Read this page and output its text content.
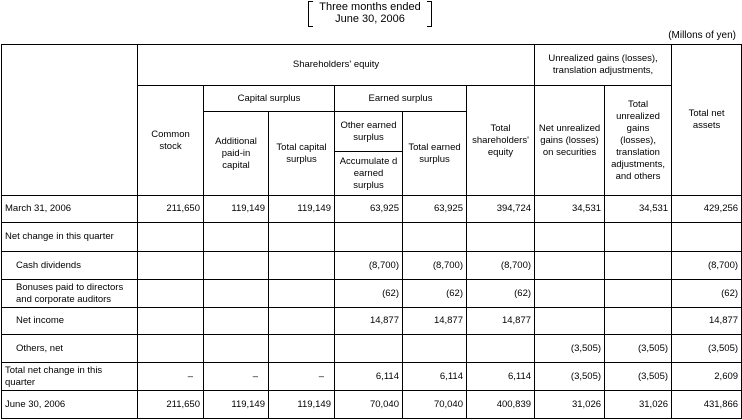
Three months ended
June 30, 2006
(Millons of yen)
	Shareholders' equity						Unrealized gains (losses), translation adjustments,		Total net assets
	Common stock	Capital surplus		Earned surplus		Total shareholders' equity	Net unrealized gains (losses) on securities	Total unrealized gains (losses), translation adjustments, and others	
		Additional paid-in capital	Total capital surplus	Other earned surplus	Total earned surplus				
				Accumulate d earned surplus					

March 31, 2006	211,650	119,149	119,149	63,925	63,925	394,724	34,531	34,531	429,256
Net change in this quarter									
Cash dividends				(8,700)	(8,700)	(8,700)			(8,700)
Bonuses paid to directors and corporate auditors				(62)	(62)	(62)			(62)
Net income				14,877	14,877	14,877			14,877
Others, net							(3,505)	(3,505)	(3,505)
Total net change in this quarter	–	–	–	6,114	6,114	6,114	(3,505)	(3,505)	2,609
June 30, 2006	211,650	119,149	119,149	70,040	70,040	400,839	31,026	31,026	431,866
